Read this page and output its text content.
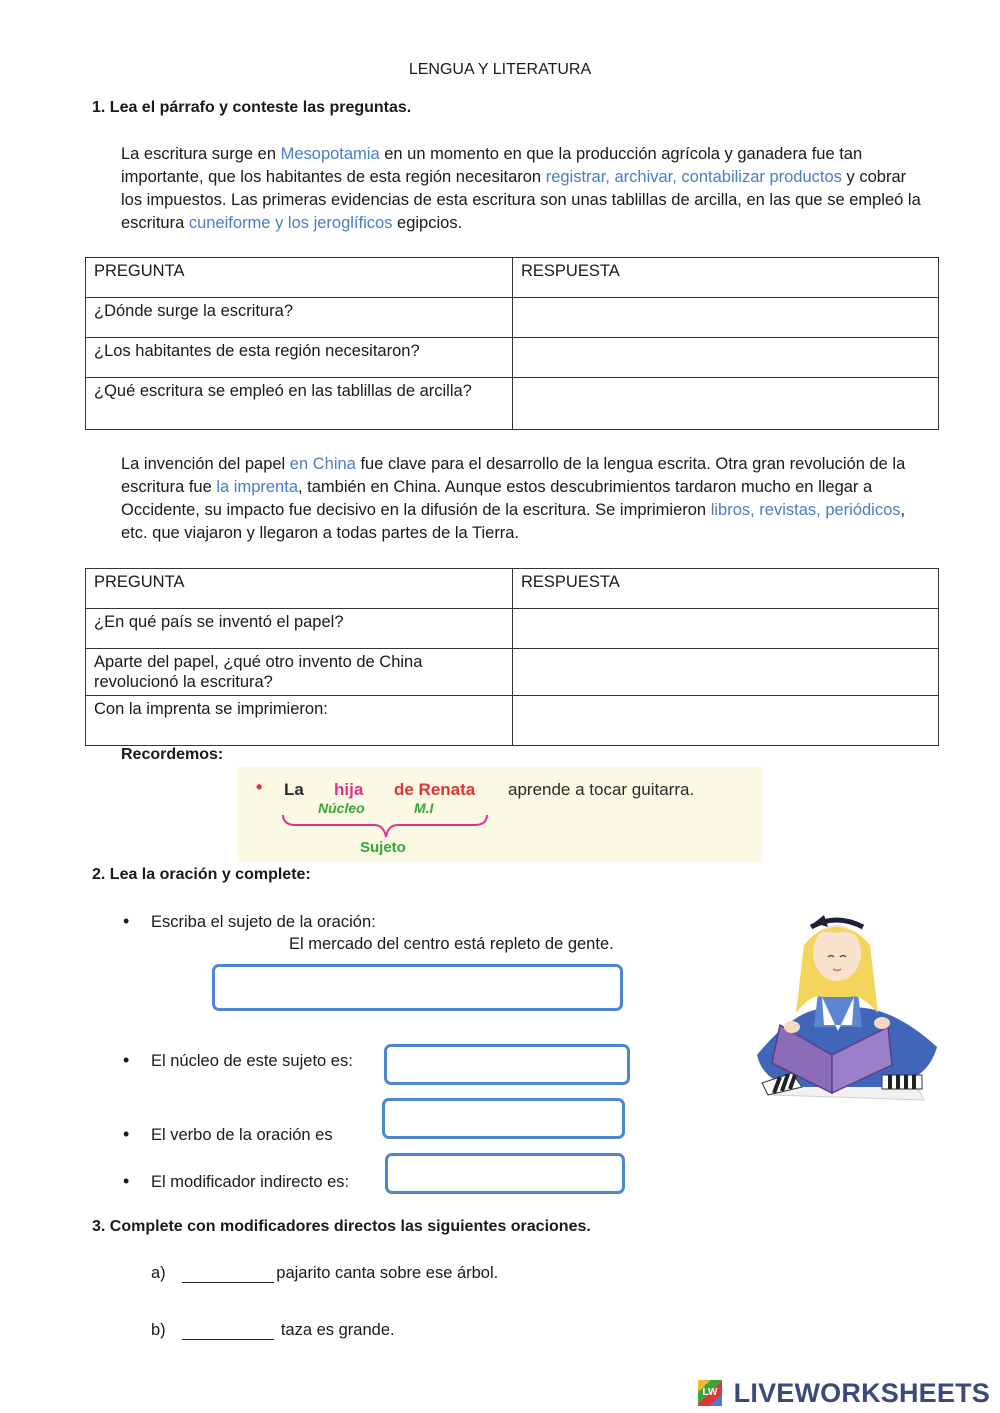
LENGUA Y LITERATURA
1. Lea el párrafo y conteste las preguntas.
La escritura surge en Mesopotamia en un momento en que la producción agrícola y ganadera fue tan importante, que los habitantes de esta región necesitaron registrar, archivar, contabilizar productos y cobrar los impuestos. Las primeras evidencias de esta escritura son unas tablillas de arcilla, en las que se empleó la escritura cuneiforme y los jeroglíficos egipcios.
PREGUNTA	RESPUESTA
¿Dónde surge la escritura?	
¿Los habitantes de esta región necesitaron?	
¿Qué escritura se empleó en las tablillas de arcilla?	
La invención del papel en China fue clave para el desarrollo de la lengua escrita. Otra gran revolución de la escritura fue la imprenta, también en China. Aunque estos descubrimientos tardaron mucho en llegar a Occidente, su impacto fue decisivo en la difusión de la escritura. Se imprimieron libros, revistas, periódicos, etc. que viajaron y llegaron a todas partes de la Tierra.
PREGUNTA	RESPUESTA
¿En qué país se inventó el papel?	
Aparte del papel, ¿qué otro invento de China revolucionó la escritura?	
Con la imprenta se imprimieron:	
Recordemos:
• La hija de Renata aprende a tocar guitarra.
Núcleo	M.I
Sujeto
2. Lea la oración y complete:
• Escriba el sujeto de la oración:
El mercado del centro está repleto de gente.
• El núcleo de este sujeto es:
• El verbo de la oración es
• El modificador indirecto es:
3. Complete con modificadores directos las siguientes oraciones.
a)	pajarito canta sobre ese árbol.
b)	taza es grande.
LW LIVEWORKSHEETS
